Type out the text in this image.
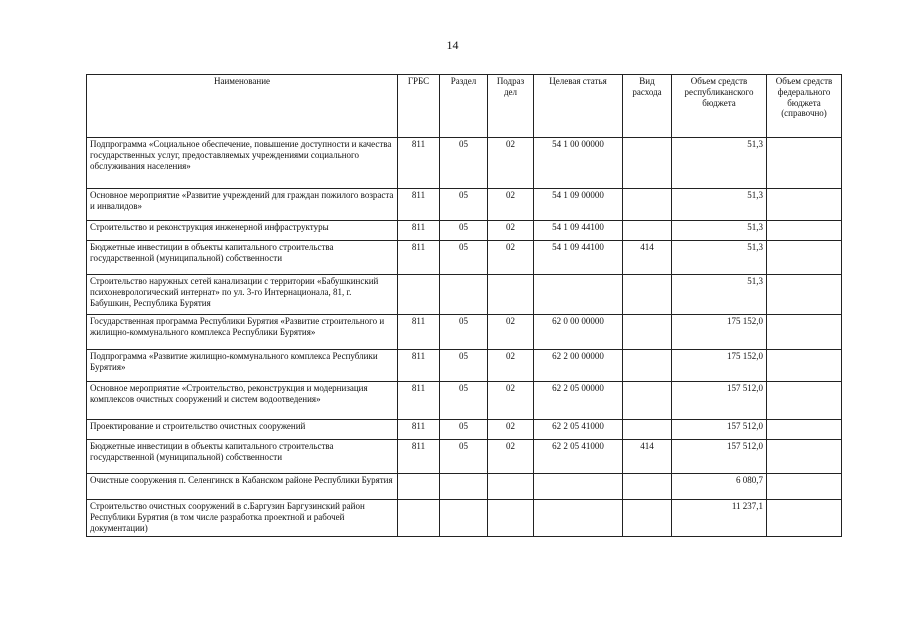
14
Наименование	ГРБС	Раздел	Подраз дел	Целевая статья	Вид расхода	Объем средств республиканского бюджета	Объем средств федерального бюджета (справочно)
Подпрограмма «Социальное обеспечение, повышение доступности и качества государственных услуг, предоставляемых учреждениями социального обслуживания населения»	811	05	02	54 1 00 00000		51,3	
Основное мероприятие «Развитие учреждений для граждан пожилого возраста и инвалидов»	811	05	02	54 1 09 00000		51,3	
Строительство и реконструкция инженерной инфраструктуры	811	05	02	54 1 09 44100		51,3	
Бюджетные инвестиции в объекты капитального строительства государственной (муниципальной) собственности	811	05	02	54 1 09 44100	414	51,3	
Строительство наружных сетей канализации с территории «Бабушкинский психоневрологический интернат» по ул. 3-го Интернационала, 81, г. Бабушкин, Республика Бурятия						51,3	
Государственная программа Республики Бурятия «Развитие строительного и жилищно-коммунального комплекса Республики Бурятия»	811	05	02	62 0 00 00000		175 152,0	
Подпрограмма «Развитие жилищно-коммунального комплекса Республики Бурятия»	811	05	02	62 2 00 00000		175 152,0	
Основное мероприятие «Строительство, реконструкция и модернизация комплексов очистных сооружений и систем водоотведения»	811	05	02	62 2 05 00000		157 512,0	
Проектирование и строительство очистных сооружений	811	05	02	62 2 05 41000		157 512,0	
Бюджетные инвестиции в объекты капитального строительства государственной (муниципальной) собственности	811	05	02	62 2 05 41000	414	157 512,0	
Очистные сооружения п. Селенгинск в Кабанском районе Республики Бурятия						6 080,7	
Строительство очистных сооружений в с.Баргузин Баргузинский район Республики Бурятия (в том числе разработка проектной и рабочей документации)						11 237,1	
